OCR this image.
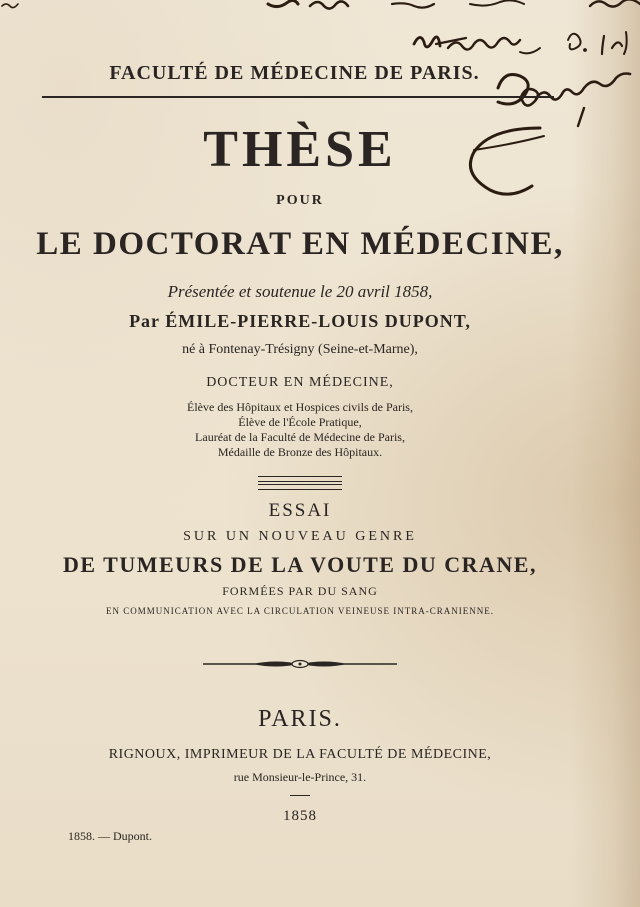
FACULTÉ DE MÉDECINE DE PARIS.
THÈSE
POUR
LE DOCTORAT EN MÉDECINE,
Présentée et soutenue le 20 avril 1858,
Par ÉMILE-PIERRE-LOUIS DUPONT,
né à Fontenay-Trésigny (Seine-et-Marne),
DOCTEUR EN MÉDECINE,
Élève des Hôpitaux et Hospices civils de Paris,
Élève de l'École Pratique,
Lauréat de la Faculté de Médecine de Paris,
Médaille de Bronze des Hôpitaux.
ESSAI
SUR UN NOUVEAU GENRE
DE TUMEURS DE LA VOUTE DU CRANE,
FORMÉES PAR DU SANG
EN COMMUNICATION AVEC LA CIRCULATION VEINEUSE INTRA-CRANIENNE.
PARIS.
RIGNOUX, IMPRIMEUR DE LA FACULTÉ DE MÉDECINE,
rue Monsieur-le-Prince, 31.
1858
1858. — Dupont.
